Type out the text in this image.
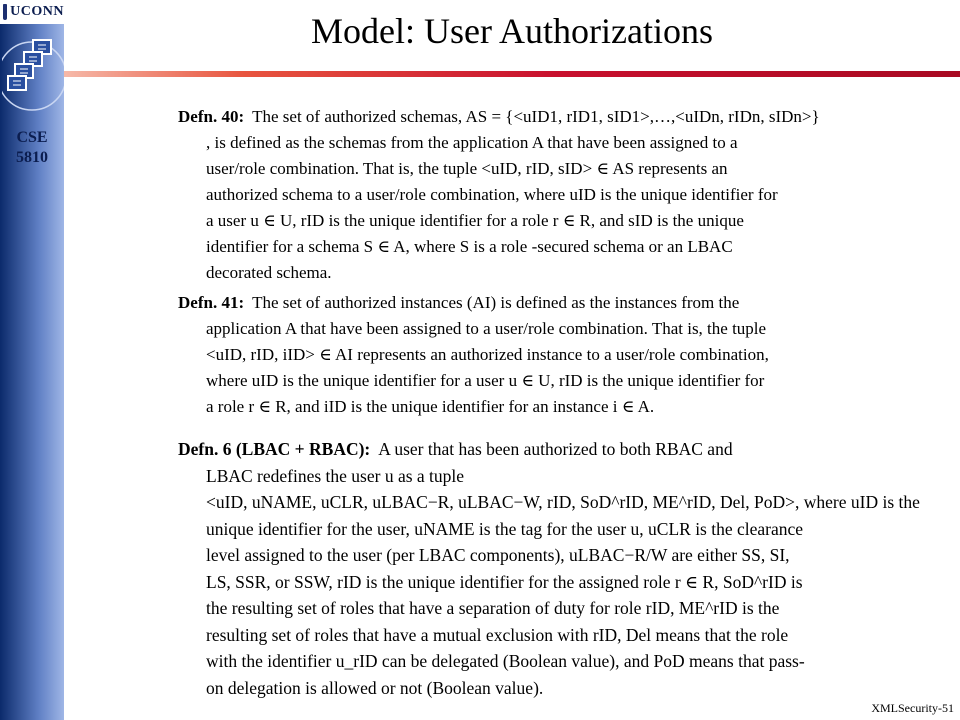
UCONN
CSE
5810
Model: User Authorizations
Defn. 40: The set of authorized schemas, AS = {<uID1, rID1, sID1>,…,<uIDn, rIDn, sIDn>}
, is defined as the schemas from the application A that have been assigned to a
user/role combination. That is, the tuple <uID, rID, sID> ∈ AS represents an
authorized schema to a user/role combination, where uID is the unique identifier for
a user u ∈ U, rID is the unique identifier for a role r ∈ R, and sID is the unique
identifier for a schema S ∈ A, where S is a role -secured schema or an LBAC
decorated schema.
Defn. 41: The set of authorized instances (AI) is defined as the instances from the
application A that have been assigned to a user/role combination. That is, the tuple
<uID, rID, iID> ∈ AI represents an authorized instance to a user/role combination,
where uID is the unique identifier for a user u ∈ U, rID is the unique identifier for
a role r ∈ R, and iID is the unique identifier for an instance i ∈ A.
Defn. 6 (LBAC + RBAC): A user that has been authorized to both RBAC and
LBAC redefines the user u as a tuple
<uID, uNAME, uCLR, uLBAC−R, uLBAC−W, rID, SoD^rID, ME^rID, Del, PoD>, where uID is the
unique identifier for the user, uNAME is the tag for the user u, uCLR is the clearance
level assigned to the user (per LBAC components), uLBAC−R/W are either SS, SI,
LS, SSR, or SSW, rID is the unique identifier for the assigned role r ∈ R, SoD^rID is
the resulting set of roles that have a separation of duty for role rID, ME^rID is the
resulting set of roles that have a mutual exclusion with rID, Del means that the role
with the identifier u_rID can be delegated (Boolean value), and PoD means that pass-
on delegation is allowed or not (Boolean value).
XMLSecurity-51
